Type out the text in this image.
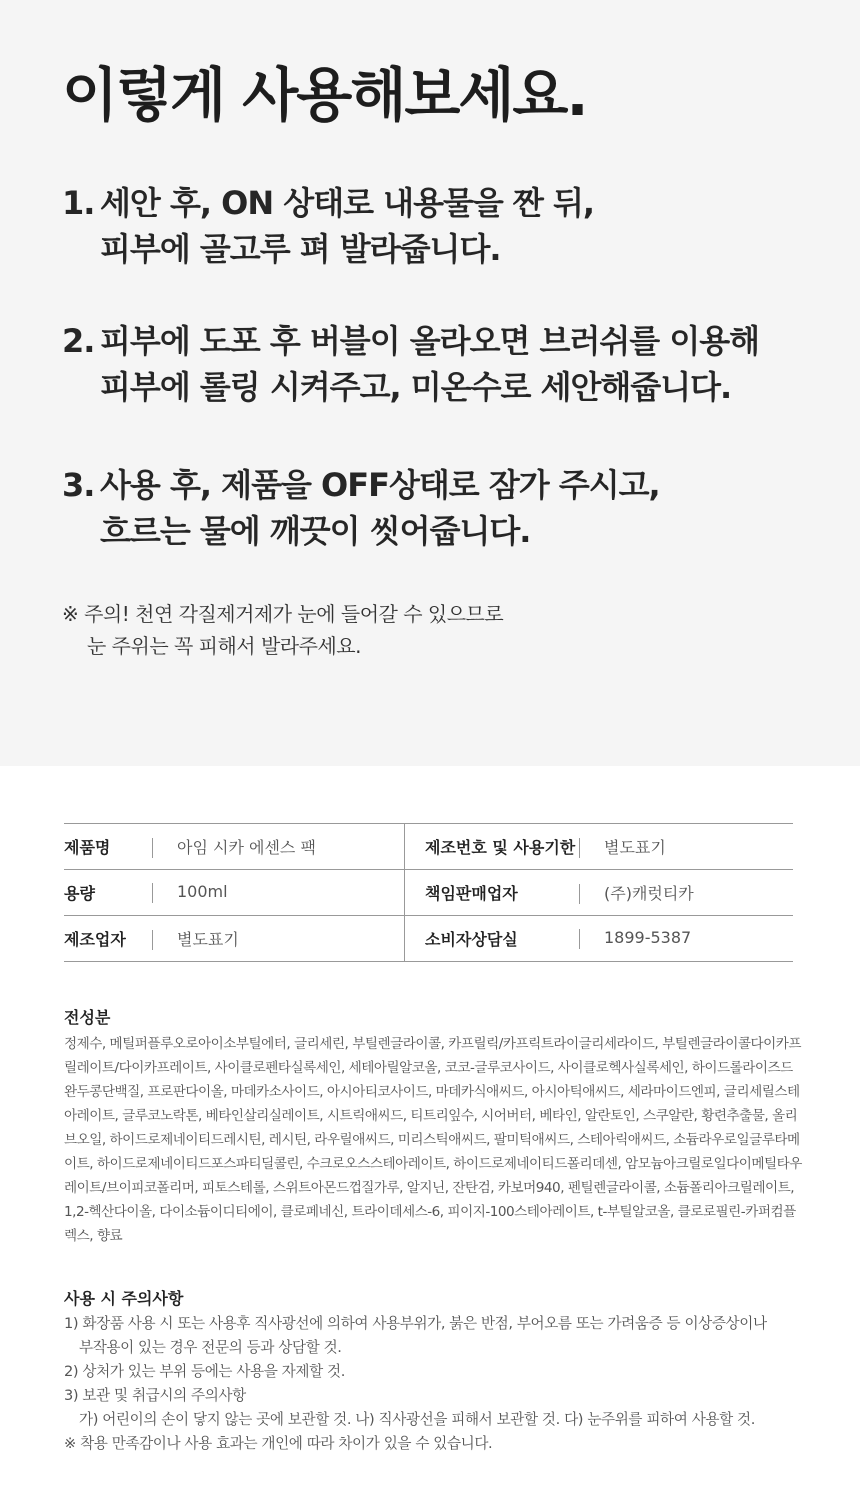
이렇게 사용해보세요.
1. 세안 후, ON 상태로 내용물을 짠 뒤,
피부에 골고루 펴 발라줍니다.
2. 피부에 도포 후 버블이 올라오면 브러쉬를 이용해
피부에 롤링 시켜주고, 미온수로 세안해줍니다.
3. 사용 후, 제품을 OFF상태로 잠가 주시고,
흐르는 물에 깨끗이 씻어줍니다.
※ 주의! 천연 각질제거제가 눈에 들어갈 수 있으므로
눈 주위는 꼭 피해서 발라주세요.
제품명	아임 시카 에센스 팩	제조번호 및 사용기한	별도표기
용량	100ml	책임판매업자	(주)캐럿티카
제조업자	별도표기	소비자상담실	1899-5387
전성분
정제수, 메틸퍼플루오로아이소부틸에터, 글리세린, 부틸렌글라이콜, 카프릴릭/카프릭트라이글리세라이드, 부틸렌글라이콜다이카프릴레이트/다이카프레이트, 사이클로펜타실록세인, 세테아릴알코올, 코코-글루코사이드, 사이클로헥사실록세인, 하이드롤라이즈드완두콩단백질, 프로판다이올, 마데카소사이드, 아시아티코사이드, 마데카식애씨드, 아시아틱애씨드, 세라마이드엔피, 글리세릴스테아레이트, 글루코노락톤, 베타인살리실레이트, 시트릭애씨드, 티트리잎수, 시어버터, 베타인, 알란토인, 스쿠알란, 황련추출물, 올리브오일, 하이드로제네이티드레시틴, 레시틴, 라우릴애씨드, 미리스틱애씨드, 팔미틱애씨드, 스테아릭애씨드, 소듐라우로일글루타메이트, 하이드로제네이티드포스파티딜콜린, 수크로오스스테아레이트, 하이드로제네이티드폴리데센, 암모늄아크릴로일다이메틸타우레이트/브이피코폴리머, 피토스테롤, 스위트아몬드껍질가루, 알지닌, 잔탄검, 카보머940, 펜틸렌글라이콜, 소듐폴리아크릴레이트, 1,2-헥산다이올, 다이소듐이디티에이, 클로페네신, 트라이데세스-6, 피이지-100스테아레이트, t-부틸알코올, 클로로필린-카퍼컴플렉스, 향료
사용 시 주의사항
1) 화장품 사용 시 또는 사용후 직사광선에 의하여 사용부위가, 붉은 반점, 부어오름 또는 가려움증 등 이상증상이나
부작용이 있는 경우 전문의 등과 상담할 것.
2) 상처가 있는 부위 등에는 사용을 자제할 것.
3) 보관 및 취급시의 주의사항
가) 어린이의 손이 닿지 않는 곳에 보관할 것. 나) 직사광선을 피해서 보관할 것. 다) 눈주위를 피하여 사용할 것.
※ 착용 만족감이나 사용 효과는 개인에 따라 차이가 있을 수 있습니다.
